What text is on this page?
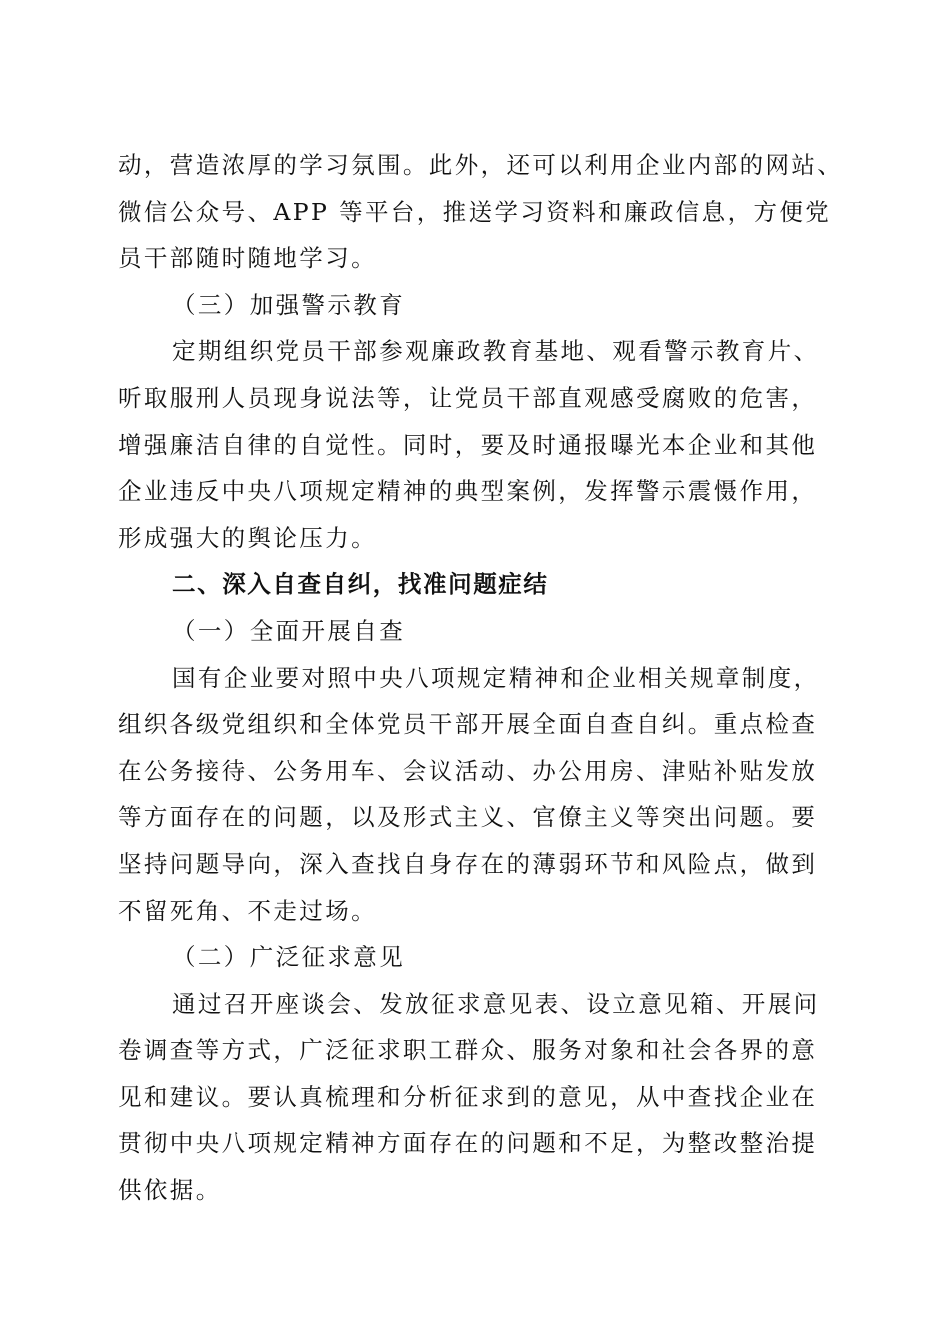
动，营造浓厚的学习氛围。此外，还可以利用企业内部的网站、
微信公众号、APP 等平台，推送学习资料和廉政信息，方便党
员干部随时随地学习。
（三）加强警示教育
定期组织党员干部参观廉政教育基地、观看警示教育片、
听取服刑人员现身说法等，让党员干部直观感受腐败的危害，
增强廉洁自律的自觉性。同时，要及时通报曝光本企业和其他
企业违反中央八项规定精神的典型案例，发挥警示震慑作用，
形成强大的舆论压力。
二、深入自查自纠，找准问题症结
（一）全面开展自查
国有企业要对照中央八项规定精神和企业相关规章制度，
组织各级党组织和全体党员干部开展全面自查自纠。重点检查
在公务接待、公务用车、会议活动、办公用房、津贴补贴发放
等方面存在的问题，以及形式主义、官僚主义等突出问题。要
坚持问题导向，深入查找自身存在的薄弱环节和风险点，做到
不留死角、不走过场。
（二）广泛征求意见
通过召开座谈会、发放征求意见表、设立意见箱、开展问
卷调查等方式，广泛征求职工群众、服务对象和社会各界的意
见和建议。要认真梳理和分析征求到的意见，从中查找企业在
贯彻中央八项规定精神方面存在的问题和不足，为整改整治提
供依据。
